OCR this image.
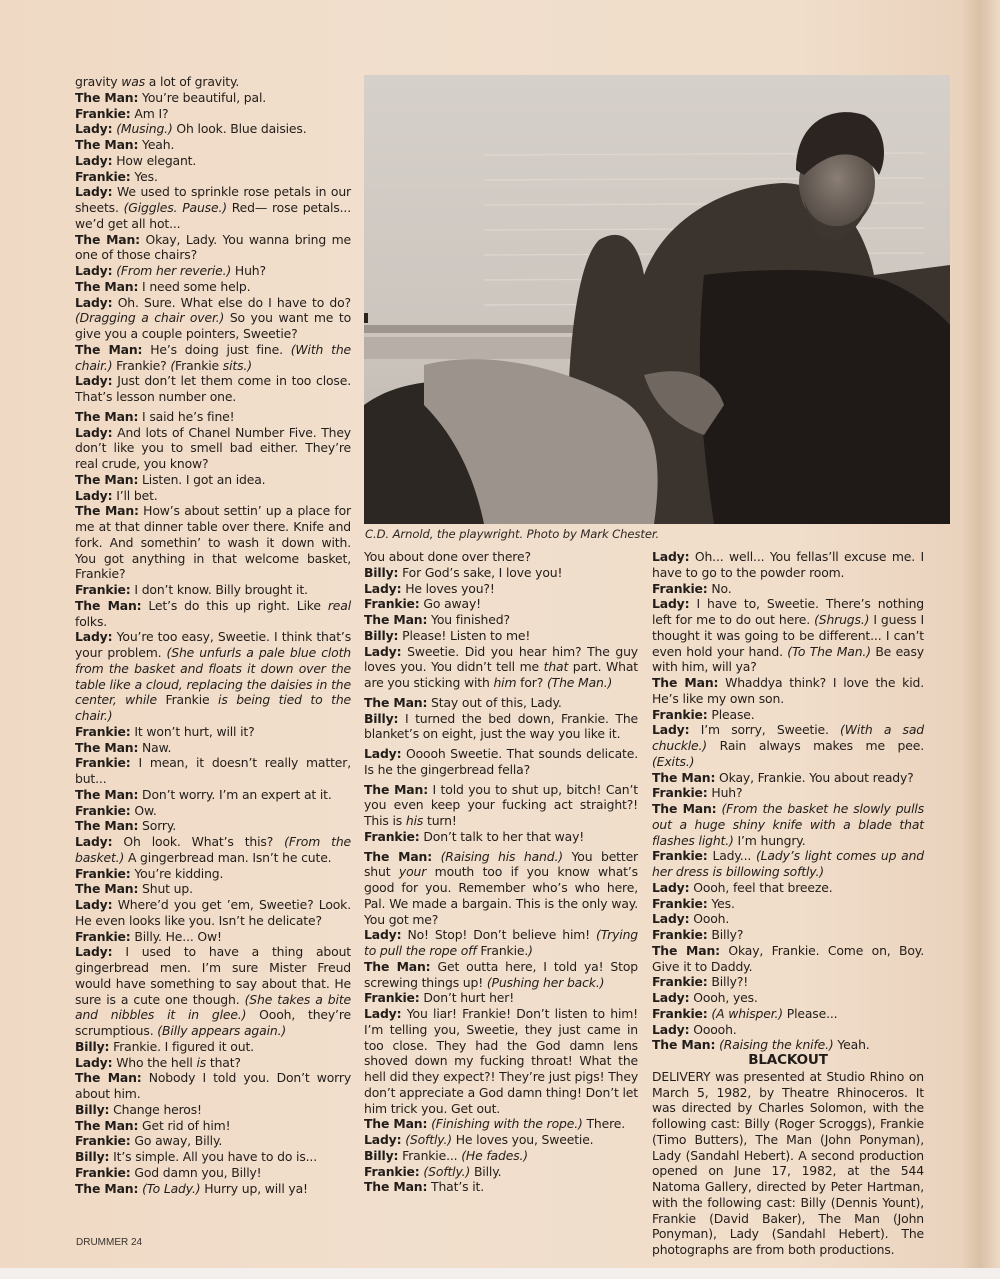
gravity was a lot of gravity.

The Man: You’re beautiful, pal.

Frankie: Am I?

Lady: (Musing.) Oh look. Blue daisies.

The Man: Yeah.

Lady: How elegant.

Frankie: Yes.

Lady: We used to sprinkle rose petals in our sheets. (Giggles. Pause.) Red— rose petals... we’d get all hot...

The Man: Okay, Lady. You wanna bring me one of those chairs?

Lady: (From her reverie.) Huh?

The Man: I need some help.

Lady: Oh. Sure. What else do I have to do? (Dragging a chair over.) So you want me to give you a couple pointers, Sweetie?

The Man: He’s doing just fine. (With the chair.) Frankie? (Frankie sits.)

Lady: Just don’t let them come in too close. That’s lesson number one.

The Man: I said he’s fine!

Lady: And lots of Chanel Number Five. They don’t like you to smell bad either. They’re real crude, you know?

The Man: Listen. I got an idea.

Lady: I’ll bet.

The Man: How’s about settin’ up a place for me at that dinner table over there. Knife and fork. And somethin’ to wash it down with. You got anything in that welcome basket, Frankie?

Frankie: I don’t know. Billy brought it.

The Man: Let’s do this up right. Like real folks.

Lady: You’re too easy, Sweetie. I think that’s your problem. (She unfurls a pale blue cloth from the basket and floats it down over the table like a cloud, replacing the daisies in the center, while Frankie is being tied to the chair.)

Frankie: It won’t hurt, will it?

The Man: Naw.

Frankie: I mean, it doesn’t really matter, but...

The Man: Don’t worry. I’m an expert at it.

Frankie: Ow.

The Man: Sorry.

Lady: Oh look. What’s this? (From the basket.) A gingerbread man. Isn’t he cute.

Frankie: You’re kidding.

The Man: Shut up.

Lady: Where’d you get ’em, Sweetie? Look. He even looks like you. Isn’t he delicate?

Frankie: Billy. He... Ow!

Lady: I used to have a thing about gingerbread men. I’m sure Mister Freud would have something to say about that. He sure is a cute one though. (She takes a bite and nibbles it in glee.) Oooh, they’re scrumptious. (Billy appears again.)

Billy: Frankie. I figured it out.

Lady: Who the hell is that?

The Man: Nobody I told you. Don’t worry about him.

Billy: Change heros!

The Man: Get rid of him!

Frankie: Go away, Billy.

Billy: It’s simple. All you have to do is...

Frankie: God damn you, Billy!

The Man: (To Lady.) Hurry up, will ya!

C.D. Arnold, the playwright. Photo by Mark Chester.

You about done over there?

Billy: For God’s sake, I love you!

Lady: He loves you?!

Frankie: Go away!

The Man: You finished?

Billy: Please! Listen to me!

Lady: Sweetie. Did you hear him? The guy loves you. You didn’t tell me that part. What are you sticking with him for? (The Man.)

The Man: Stay out of this, Lady.

Billy: I turned the bed down, Frankie. The blanket’s on eight, just the way you like it.

Lady: Ooooh Sweetie. That sounds delicate. Is he the gingerbread fella?

The Man: I told you to shut up, bitch! Can’t you even keep your fucking act straight?! This is his turn!

Frankie: Don’t talk to her that way!

The Man: (Raising his hand.) You better shut your mouth too if you know what’s good for you. Remember who’s who here, Pal. We made a bargain. This is the only way. You got me?

Lady: No! Stop! Don’t believe him! (Trying to pull the rope off Frankie.)

The Man: Get outta here, I told ya! Stop screwing things up! (Pushing her back.)

Frankie: Don’t hurt her!

Lady: You liar! Frankie! Don’t listen to him! I’m telling you, Sweetie, they just came in too close. They had the God damn lens shoved down my fucking throat! What the hell did they expect?! They’re just pigs! They don’t appreciate a God damn thing! Don’t let him trick you. Get out.

The Man: (Finishing with the rope.) There.

Lady: (Softly.) He loves you, Sweetie.

Billy: Frankie... (He fades.)

Frankie: (Softly.) Billy.

The Man: That’s it.

Lady: Oh... well... You fellas’ll excuse me. I have to go to the powder room.

Frankie: No.

Lady: I have to, Sweetie. There’s nothing left for me to do out here. (Shrugs.) I guess I thought it was going to be different... I can’t even hold your hand. (To The Man.) Be easy with him, will ya?

The Man: Whaddya think? I love the kid. He’s like my own son.

Frankie: Please.

Lady: I’m sorry, Sweetie. (With a sad chuckle.) Rain always makes me pee. (Exits.)

The Man: Okay, Frankie. You about ready?

Frankie: Huh?

The Man: (From the basket he slowly pulls out a huge shiny knife with a blade that flashes light.) I’m hungry.

Frankie: Lady... (Lady’s light comes up and her dress is billowing softly.)

Lady: Oooh, feel that breeze.

Frankie: Yes.

Lady: Oooh.

Frankie: Billy?

The Man: Okay, Frankie. Come on, Boy. Give it to Daddy.

Frankie: Billy?!

Lady: Oooh, yes.

Frankie: (A whisper.) Please...

Lady: Ooooh.

The Man: (Raising the knife.) Yeah.

BLACKOUT

DELIVERY was presented at Studio Rhino on March 5, 1982, by Theatre Rhinoceros. It was directed by Charles Solomon, with the following cast: Billy (Roger Scroggs), Frankie (Timo Butters), The Man (John Ponyman), Lady (Sandahl Hebert). A second production opened on June 17, 1982, at the 544 Natoma Gallery, directed by Peter Hartman, with the following cast: Billy (Dennis Yount), Frankie (David Baker), The Man (John Ponyman), Lady (Sandahl Hebert). The photographs are from both productions.

DRUMMER 24
